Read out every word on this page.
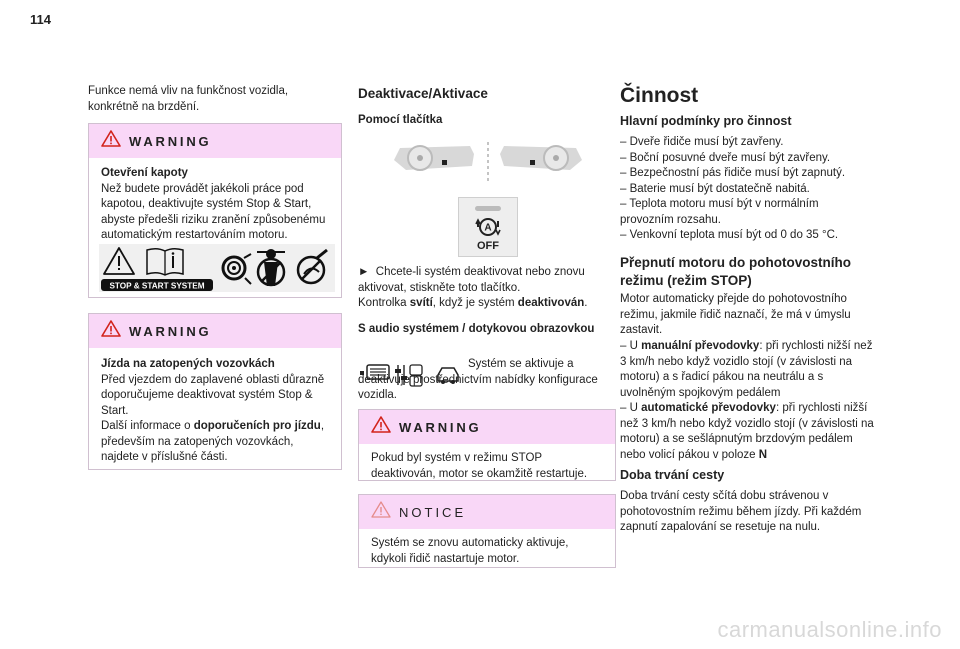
114

Funkce nemá vliv na funkčnost vozidla, konkrétně na brzdění.

WARNING
Otevření kapoty
Než budete provádět jakékoli práce pod kapotou, deaktivujte systém Stop & Start, abyste předešli riziku zranění způsobenému automatickým restartováním motoru.
STOP & START SYSTEM
WARNING
Jízda na zatopených vozovkách
Před vjezdem do zaplavené oblasti důrazně doporučujeme deaktivovat systém Stop & Start.
Další informace o doporučeních pro jízdu, především na zatopených vozovkách, najdete v příslušné části.
Deaktivace/Aktivace
Pomocí tlačítka
A
OFF

► Chcete-li systém deaktivovat nebo znovu aktivovat, stiskněte toto tlačítko.

Kontrolka svítí, když je systém deaktivován.

S audio systémem / dotykovou obrazovkou

Systém se aktivuje a deaktivuje prostřednictvím nabídky konfigurace vozidla.

WARNING
Pokud byl systém v režimu STOP deaktivován, motor se okamžitě restartuje.
NOTICE
Systém se znovu automaticky aktivuje, kdykoli řidič nastartuje motor.
Činnost
Hlavní podmínky pro činnost
– Dveře řidiče musí být zavřeny.
– Boční posuvné dveře musí být zavřeny.
– Bezpečnostní pás řidiče musí být zapnutý.
– Baterie musí být dostatečně nabitá.
– Teplota motoru musí být v normálním provozním rozsahu.
– Venkovní teplota musí být od 0 do 35 °C.
Přepnutí motoru do pohotovostního režimu (režim STOP)

Motor automaticky přejde do pohotovostního režimu, jakmile řidič naznačí, že má v úmyslu zastavit.

– U manuální převodovky: při rychlosti nižší než 3 km/h nebo když vozidlo stojí (v závislosti na motoru) a s řadicí pákou na neutrálu a s uvolněným spojkovým pedálem

– U automatické převodovky: při rychlosti nižší než 3 km/h nebo když vozidlo stojí (v závislosti na motoru) a se sešlápnutým brzdovým pedálem nebo volicí pákou v poloze N

Doba trvání cesty

Doba trvání cesty sčítá dobu strávenou v pohotovostním režimu během jízdy. Při každém zapnutí zapalování se resetuje na nulu.

carmanualsonline.info
